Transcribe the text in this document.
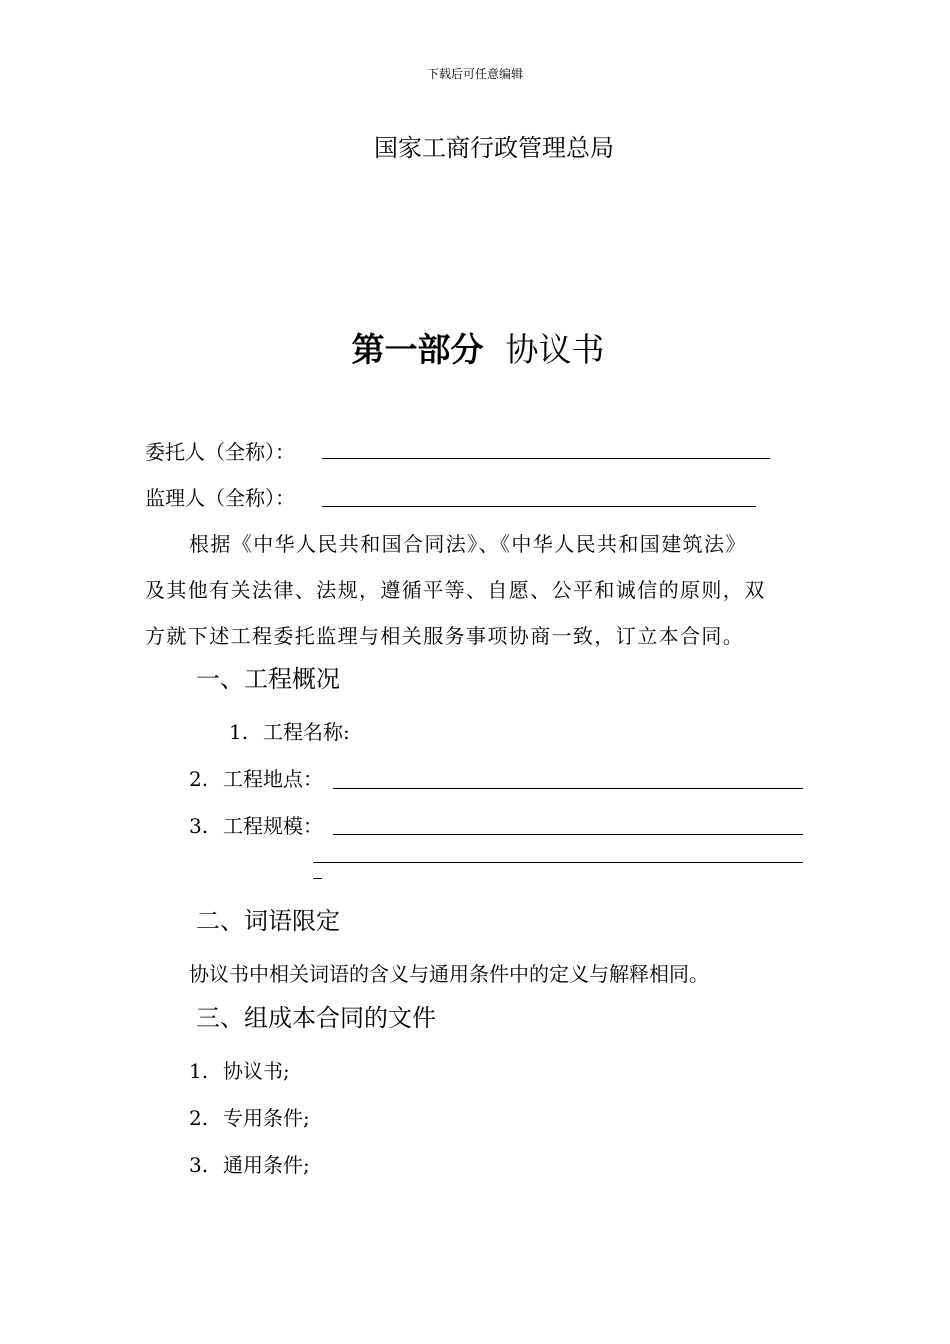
下载后可任意编辑
国家工商行政管理总局
第一部分 协议书
委托人（全称）：
监理人（全称）：
根据《中华人民共和国合同法》、《中华人民共和国建筑法》
及其他有关法律、法规，遵循平等、自愿、公平和诚信的原则，双
方就下述工程委托监理与相关服务事项协商一致，订立本合同。
一、工程概况
1. 工程名称:
2. 工程地点：
3. 工程规模：
二、词语限定
协议书中相关词语的含义与通用条件中的定义与解释相同。
三、组成本合同的文件
1. 协议书;
2. 专用条件;
3. 通用条件;
